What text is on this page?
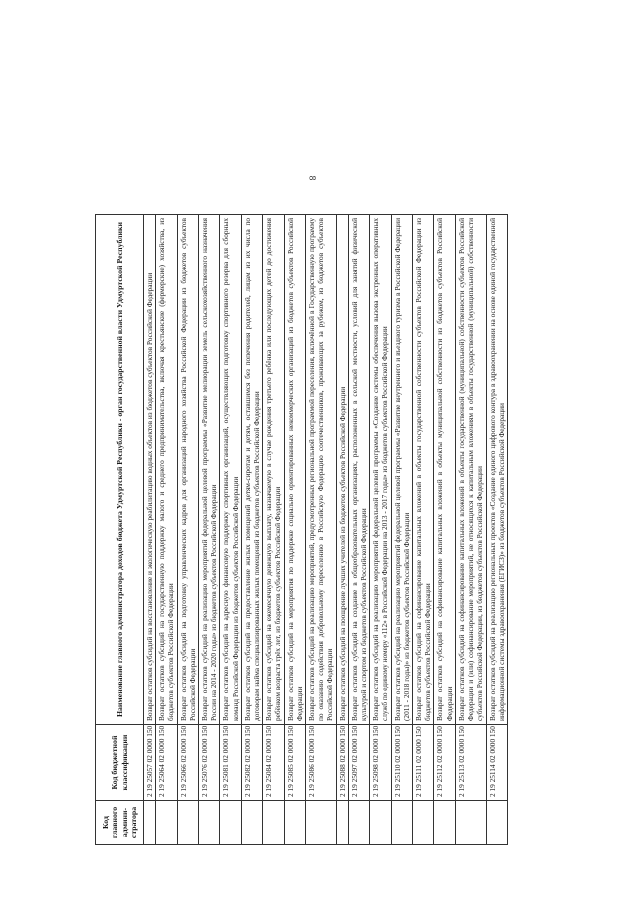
8
Код главного админи-стратора	Код бюджетной классификации	Наименование главного администратора доходов бюджета Удмуртской Республики - орган государственной власти Удмуртской Республики
	2 19 25057 02 0000 150	Возврат остатков субсидий на восстановление и экологическую реабилитацию водных объектов из бюджетов субъектов Российской Федерации
	2 19 25064 02 0000 150	Возврат остатков субсидий на государственную поддержку малого и среднего предпринимательства, включая крестьянские (фермерские) хозяйства, из бюджетов субъектов Российской Федерации
	2 19 25066 02 0000 150	Возврат остатков субсидий на подготовку управленческих кадров для организаций народного хозяйства Российской Федерации из бюджетов субъектов Российской Федерации
	2 19 25076 02 0000 150	Возврат остатков субсидий на реализацию мероприятий федеральной целевой программы «Развитие мелиорации земель сельскохозяйственного назначения России на 2014 - 2020 годы» из бюджетов субъектов Российской Федерации
	2 19 25081 02 0000 150	Возврат остатков субсидий на адресную финансовую поддержку спортивных организаций, осуществляющих подготовку спортивного резерва для сборных команд Российской Федерации из бюджетов субъектов Российской Федерации
	2 19 25082 02 0000 150	Возврат остатков субсидий на предоставление жилых помещений детям-сиротам и детям, оставшимся без попечения родителей, лицам из их числа по договорам найма специализированных жилых помещений из бюджетов субъектов Российской Федерации
	2 19 25084 02 0000 150	Возврат остатков субсидий на ежемесячную денежную выплату, назначаемую в случае рождения третьего ребёнка или последующих детей до достижения ребёнком возраста трёх лет, из бюджетов субъектов Российской Федерации
	2 19 25085 02 0000 150	Возврат остатков субсидий на мероприятия по поддержке социально ориентированных некоммерческих организаций из бюджетов субъектов Российской Федерации
	2 19 25086 02 0000 150	Возврат остатков субсидий на реализацию мероприятий, предусмотренных региональной программой переселения, включённой в Государственную программу по оказанию содействия добровольному переселению в Российскую Федерацию соотечественников, проживающих за рубежом, из бюджетов субъектов Российской Федерации
	2 19 25088 02 0000 150	Возврат остатков субсидий на поощрение лучших учителей из бюджетов субъектов Российской Федерации
	2 19 25097 02 0000 150	Возврат остатков субсидий на создание в общеобразовательных организациях, расположенных в сельской местности, условий для занятий физической культурой и спортом из бюджетов субъектов Российской Федерации
	2 19 25098 02 0000 150	Возврат остатков субсидий на реализацию мероприятий федеральной целевой программы «Создание системы обеспечения вызова экстренных оперативных служб по единому номеру «112» в Российской Федерации на 2013 - 2017 годы» из бюджетов субъектов Российской Федерации
	2 19 25110 02 0000 150	Возврат остатков субсидий на реализацию мероприятий федеральной целевой программы «Развитие внутреннего и въездного туризма в Российской Федерации (2011 - 2018 годы)» из бюджетов субъектов Российской Федерации
	2 19 25111 02 0000 150	Возврат остатков субсидий на софинансирование капитальных вложений в объекты государственной собственности субъектов Российской Федерации из бюджетов субъектов Российской Федерации
	2 19 25112 02 0000 150	Возврат остатков субсидий на софинансирование капитальных вложений в объекты муниципальной собственности из бюджетов субъектов Российской Федерации
	2 19 25113 02 0000 150	Возврат остатков субсидий на софинансирование капитальных вложений в объекты государственной (муниципальной) собственности субъектов Российской Федерации и (или) софинансирование мероприятий, не относящихся к капитальным вложениям в объекты государственной (муниципальной) собственности субъектов Российской Федерации, из бюджетов субъектов Российской Федерации
	2 19 25114 02 0000 150	Возврат остатков субсидий на реализацию региональных проектов «Создание единого цифрового контура в здравоохранении на основе единой государственной информационной системы здравоохранения (ЕГИСЗ)» из бюджетов субъектов Российской Федерации
